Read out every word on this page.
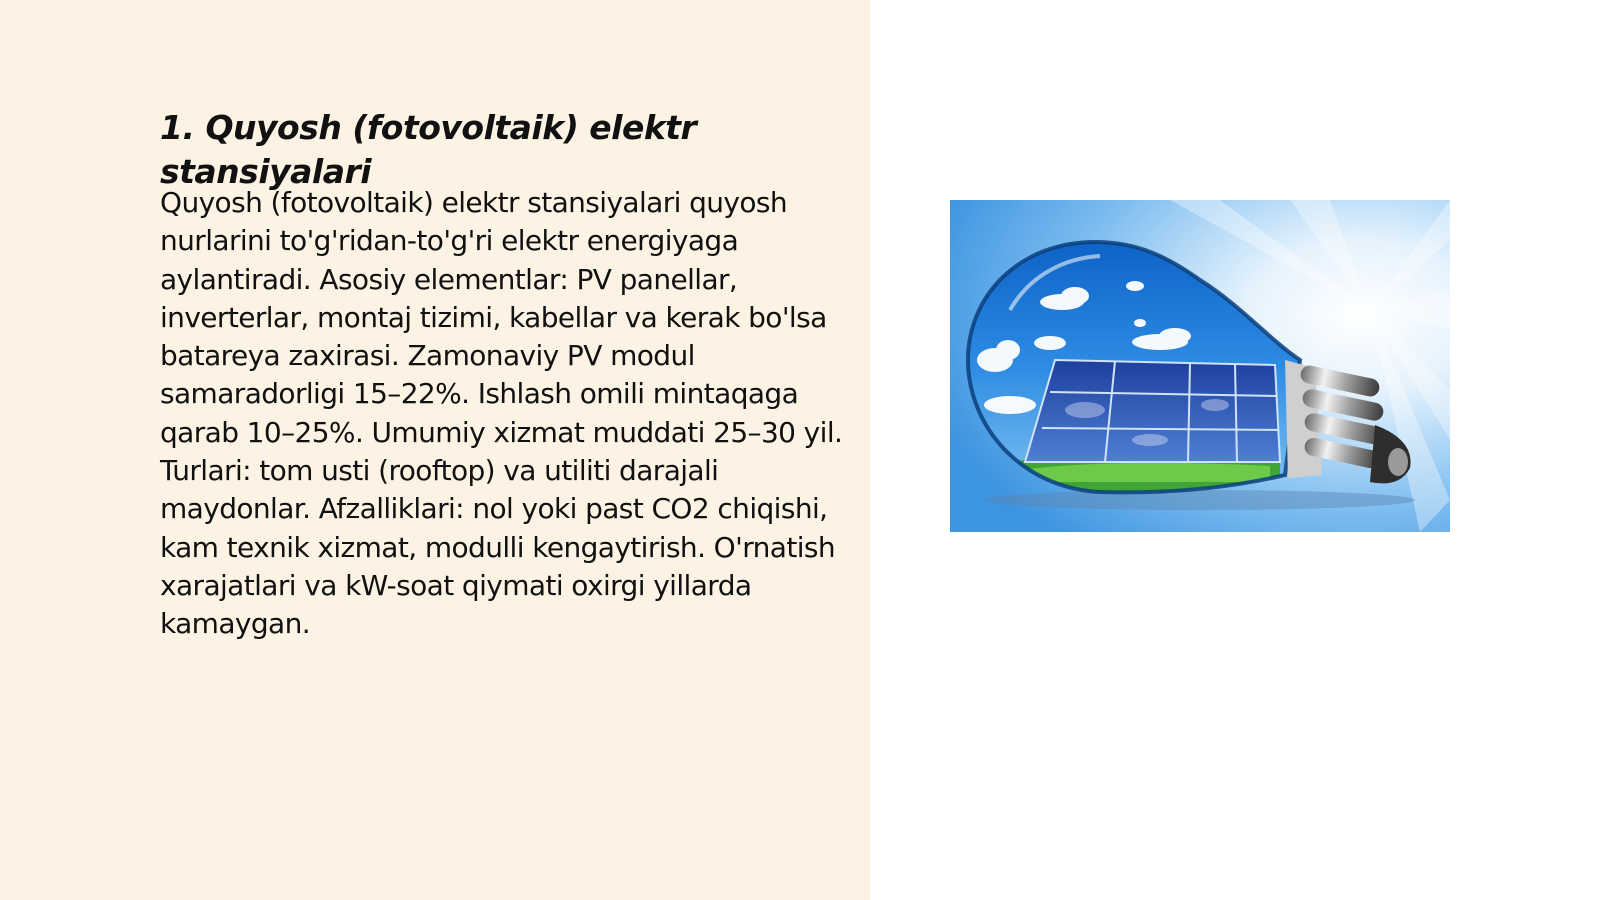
1. Quyosh (fotovoltaik) elektr stansiyalari

Quyosh (fotovoltaik) elektr stansiyalari quyosh nurlarini to'g'ridan-to'g'ri elektr energiyaga aylantiradi. Asosiy elementlar: PV panellar, inverterlar, montaj tizimi, kabellar va kerak bo'lsa batareya zaxirasi. Zamonaviy PV modul samaradorligi 15–22%. Ishlash omili mintaqaga qarab 10–25%. Umumiy xizmat muddati 25–30 yil. Turlari: tom usti (rooftop) va utiliti darajali maydonlar. Afzalliklari: nol yoki past CO2 chiqishi, kam texnik xizmat, modulli kengaytirish. O'rnatish xarajatlari va kW-soat qiymati oxirgi yillarda kamaygan.
